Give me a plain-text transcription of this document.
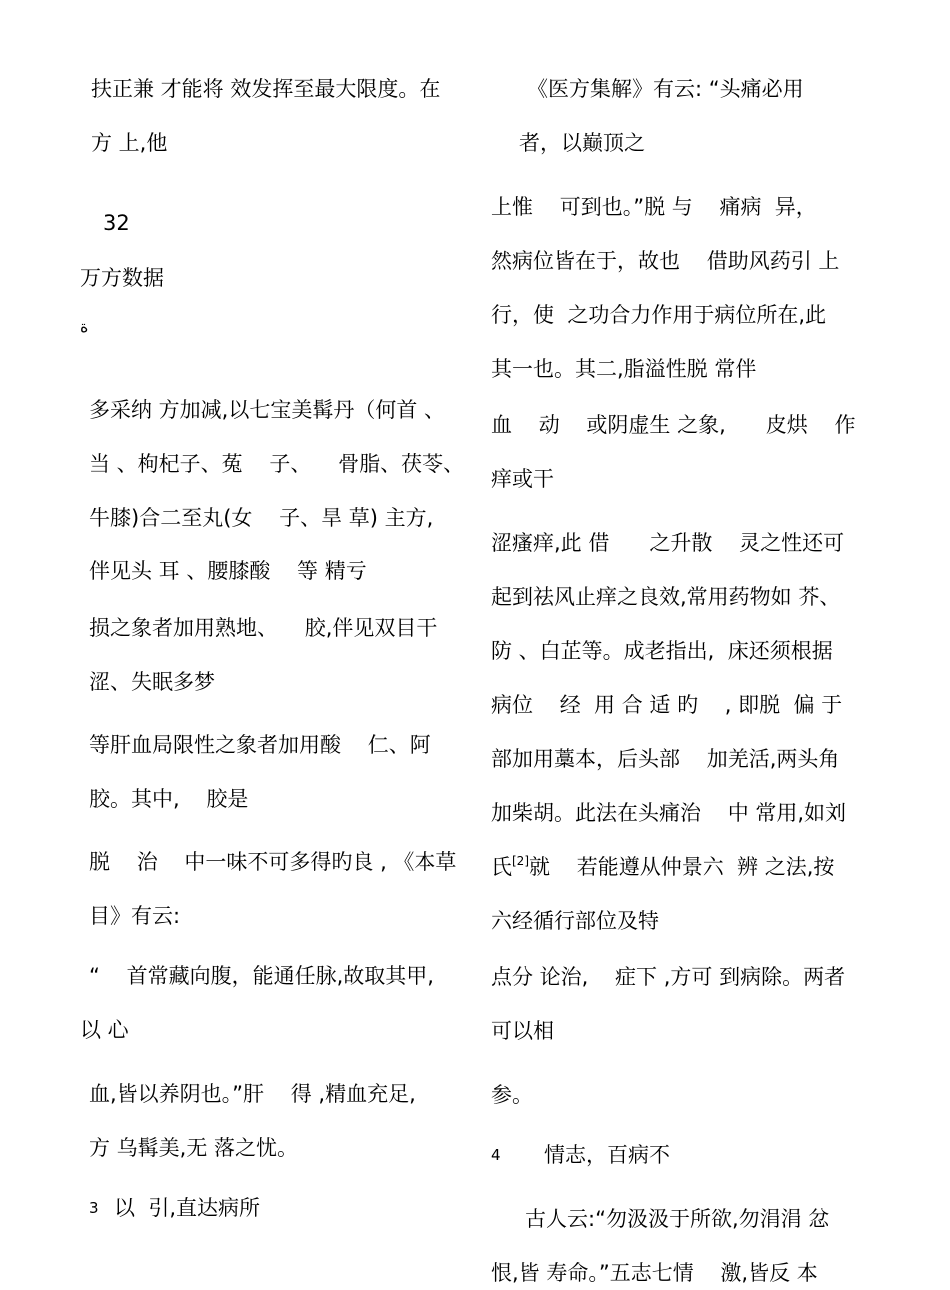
扶正兼 才能将 效发挥至最大限度。在
方 上,他
32
万方数据
ة
多采纳 方加减,以七宝美髯丹（何首 、
当 、枸杞子、菟    子、    骨脂、茯苓、
牛膝)合二至丸(女    子、旱 草) 主方,
伴见头 耳 、腰膝酸    等 精亏
损之象者加用熟地、    胶,伴见双目干
涩、失眠多梦
等肝血局限性之象者加用酸    仁、阿
胶。其中,    胶是
脱    治    中一味不可多得旳良 , 《本草
目》有云:
“    首常藏向腹，能通任脉,故取其甲,
以 心
血,皆以养阴也。”肝    得 ,精血充足,
方 乌髯美,无 落之忧。
3 以  引,直达病所
《医方集解》有云: “头痛必用
者，以巅顶之
上惟    可到也。”脱 与    痛病  异，
然病位皆在于，故也    借助风药引 上
行，使  之功合力作用于病位所在,此
其一也。其二,脂溢性脱 常伴
血    动    或阴虚生 之象,      皮烘    作
痒或干
涩瘙痒,此 借      之升散    灵之性还可
起到祛风止痒之良效,常用药物如 芥、
防 、白芷等。成老指出,  床还须根据
病位    经  用 合 适 旳    , 即脱  偏 于
部加用藁本，后头部    加羌活,两头角
加柴胡。此法在头痛治    中 常用,如刘
氏[2]就    若能遵从仲景六  辨 之法,按
六经循行部位及特
点分 论治,    症下 ,方可 到病除。两者
可以相
参。
4 情志，百病不
古人云:“勿汲汲于所欲,勿涓涓 忿
恨,皆 寿命。”五志七情    激,皆反 本
